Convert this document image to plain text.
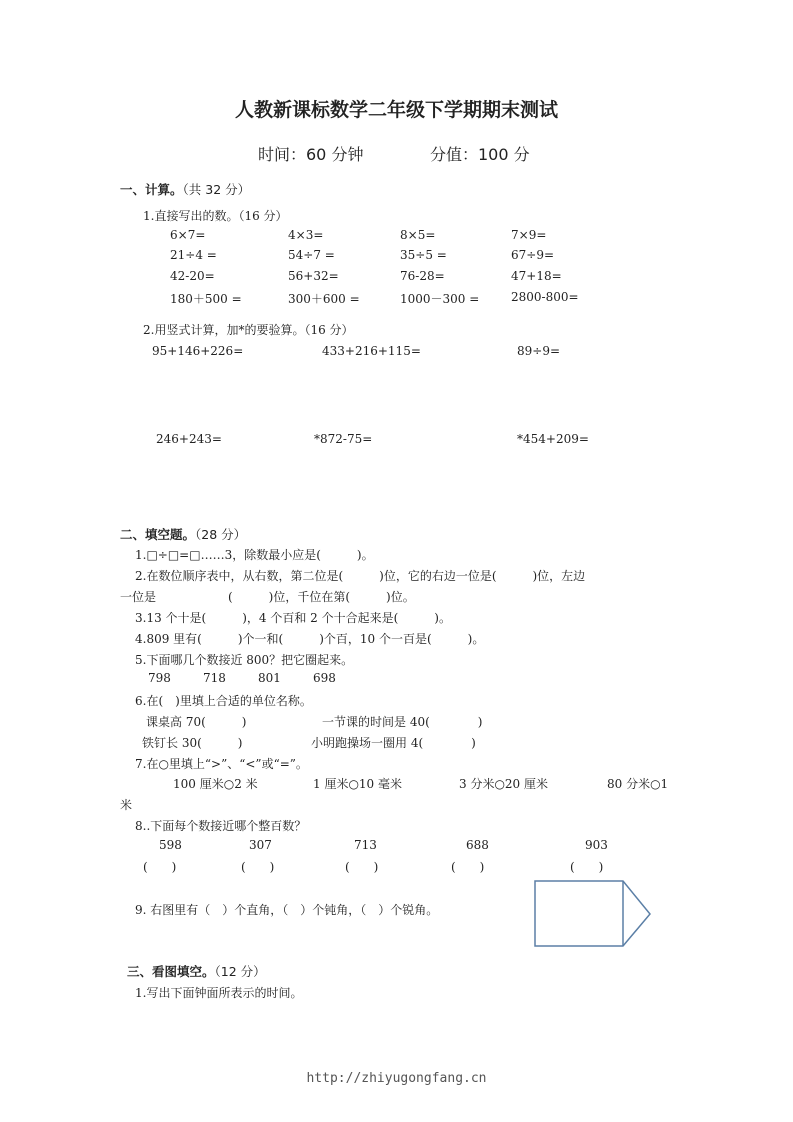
人教新课标数学二年级下学期期末测试
时间：60 分钟	分值：100 分
一、计算。（共 32 分）
1.直接写出的数。（16 分）
6×7=	4×3=	8×5=	7×9=
21÷4 =	54÷7 =	35÷5 =	67÷9=
42-20=	56+32=	76-28=	47+18=
180＋500 =	300＋600 =	1000－300 =	2800-800=
2.用竖式计算，加*的要验算。（16 分）
95+146+226=	433+216+115=	89÷9=
246+243=	*872-75=	*454+209=
二、填空题。（28 分）
1.□÷□=□……3，除数最小应是(　　　)。
2.在数位顺序表中，从右数，第二位是(　　　)位，它的右边一位是(　　　)位，左边
一位是　　　　　　(　　　)位，千位在第(　　　)位。
3.13 个十是(　　　)，4 个百和 2 个十合起来是(　　　)。
4.809 里有(　　　)个一和(　　　)个百，10 个一百是(　　　)。
5.下面哪几个数接近 800？把它圈起来。
798	718	801	698
6.在(　)里填上合适的单位名称。
课桌高 70(　　　)	一节课的时间是 40(　　　　)
铁钉长 30(　　　)	小明跑操场一圈用 4(　　　　)
7.在○里填上“>”、“<”或“=”。
100 厘米○2 米	1 厘米○10 毫米	3 分米○20 厘米	80 分米○1
米
8..下面每个数接近哪个整百数？
598	307	713	688	903
(　　)	(　　)	(　　)	(　　)	(　　)
9. 右图里有（　）个直角，（　）个钝角，（　）个锐角。
三、看图填空。（12 分）
1.写出下面钟面所表示的时间。
http://zhiyugongfang.cn
